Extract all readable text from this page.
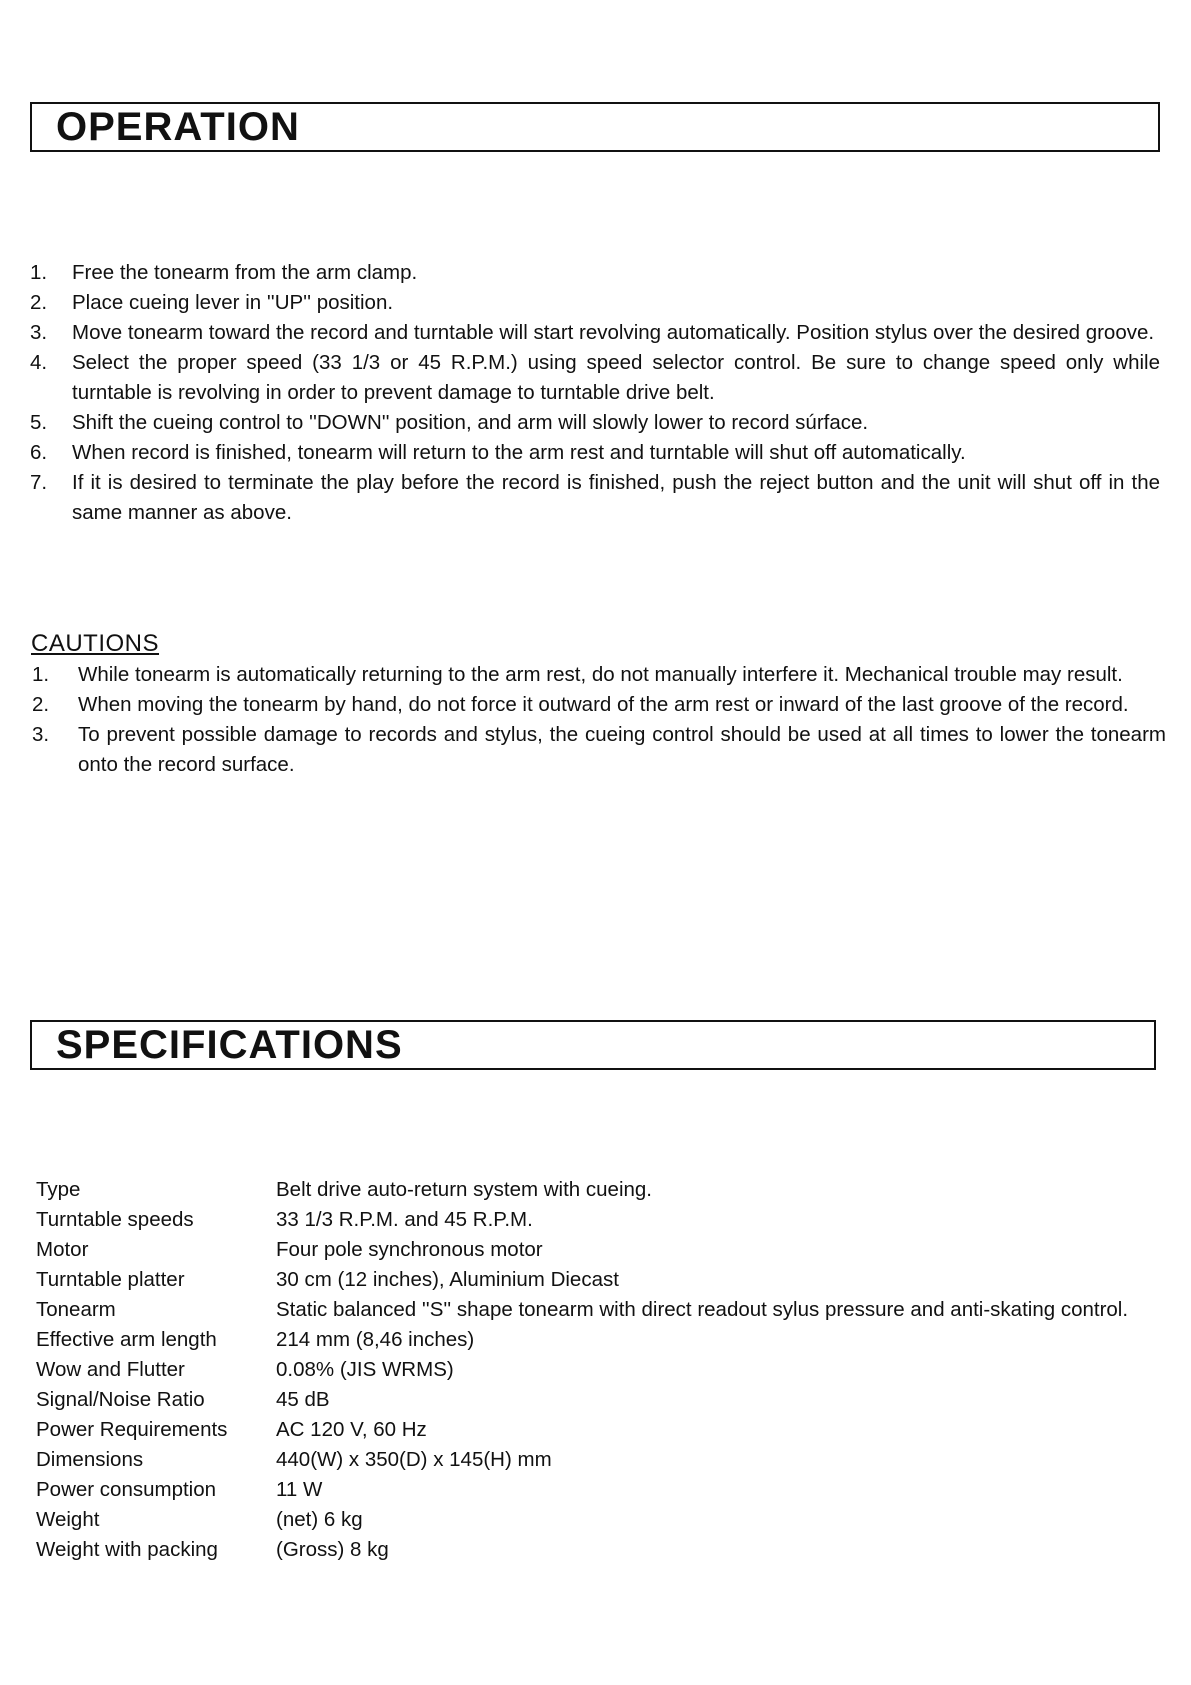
OPERATION
1. Free the tonearm from the arm clamp.
2. Place cueing lever in ''UP'' position.
3. Move tonearm toward the record and turntable will start revolving automatically. Position stylus over the desired groove.
4. Select the proper speed (33 1/3 or 45 R.P.M.) using speed selector control. Be sure to change speed only while turntable is revolving in order to prevent damage to turntable drive belt.
5. Shift the cueing control to ''DOWN'' position, and arm will slowly lower to record súrface.
6. When record is finished, tonearm will return to the arm rest and turntable will shut off automatically.
7. If it is desired to terminate the play before the record is finished, push the reject button and the unit will shut off in the same manner as above.
CAUTIONS
1. While tonearm is automatically returning to the arm rest, do not manually interfere it. Mechanical trouble may result.
2. When moving the tonearm by hand, do not force it outward of the arm rest or inward of the last groove of the record.
3. To prevent possible damage to records and stylus, the cueing control should be used at all times to lower the tonearm onto the record surface.
SPECIFICATIONS
Type	Belt drive auto-return system with cueing.
Turntable speeds	33 1/3 R.P.M. and 45 R.P.M.
Motor	Four pole synchronous motor
Turntable platter	30 cm (12 inches), Aluminium Diecast
Tonearm	Static balanced ''S'' shape tonearm with direct readout sylus pressure and anti-skating control.
Effective arm length	214 mm (8,46 inches)
Wow and Flutter	0.08% (JIS WRMS)
Signal/Noise Ratio	45 dB
Power Requirements	AC 120 V, 60 Hz
Dimensions	440(W) x 350(D) x 145(H) mm
Power consumption	11 W
Weight	(net) 6 kg
Weight with packing	(Gross) 8 kg
